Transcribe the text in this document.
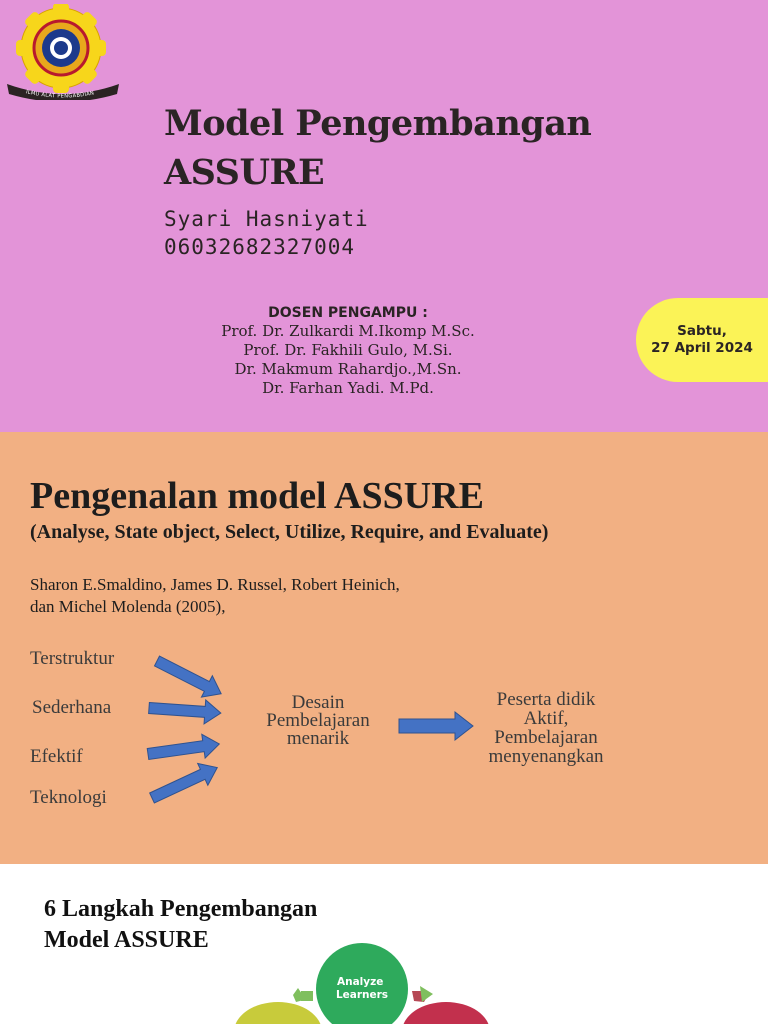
ILMU ALAT PENGABDIAN
Model Pengembangan
ASSURE
Syari Hasniyati
06032682327004
DOSEN PENGAMPU :
Prof. Dr. Zulkardi M.Ikomp M.Sc.
Prof. Dr. Fakhili Gulo, M.Si.
Dr. Makmum Rahardjo.,M.Sn.
Dr. Farhan Yadi. M.Pd.
Sabtu,
27 April 2024
Pengenalan model ASSURE
(Analyse, State object, Select, Utilize, Require, and Evaluate)
Sharon E.Smaldino, James D. Russel, Robert Heinich,
dan Michel Molenda (2005),
Terstruktur
Sederhana
Efektif
Teknologi
Desain
Pembelajaran
menarik
Peserta didik
Aktif,
Pembelajaran
menyenangkan
6 Langkah Pengembangan
Model ASSURE
Analyze Learners
